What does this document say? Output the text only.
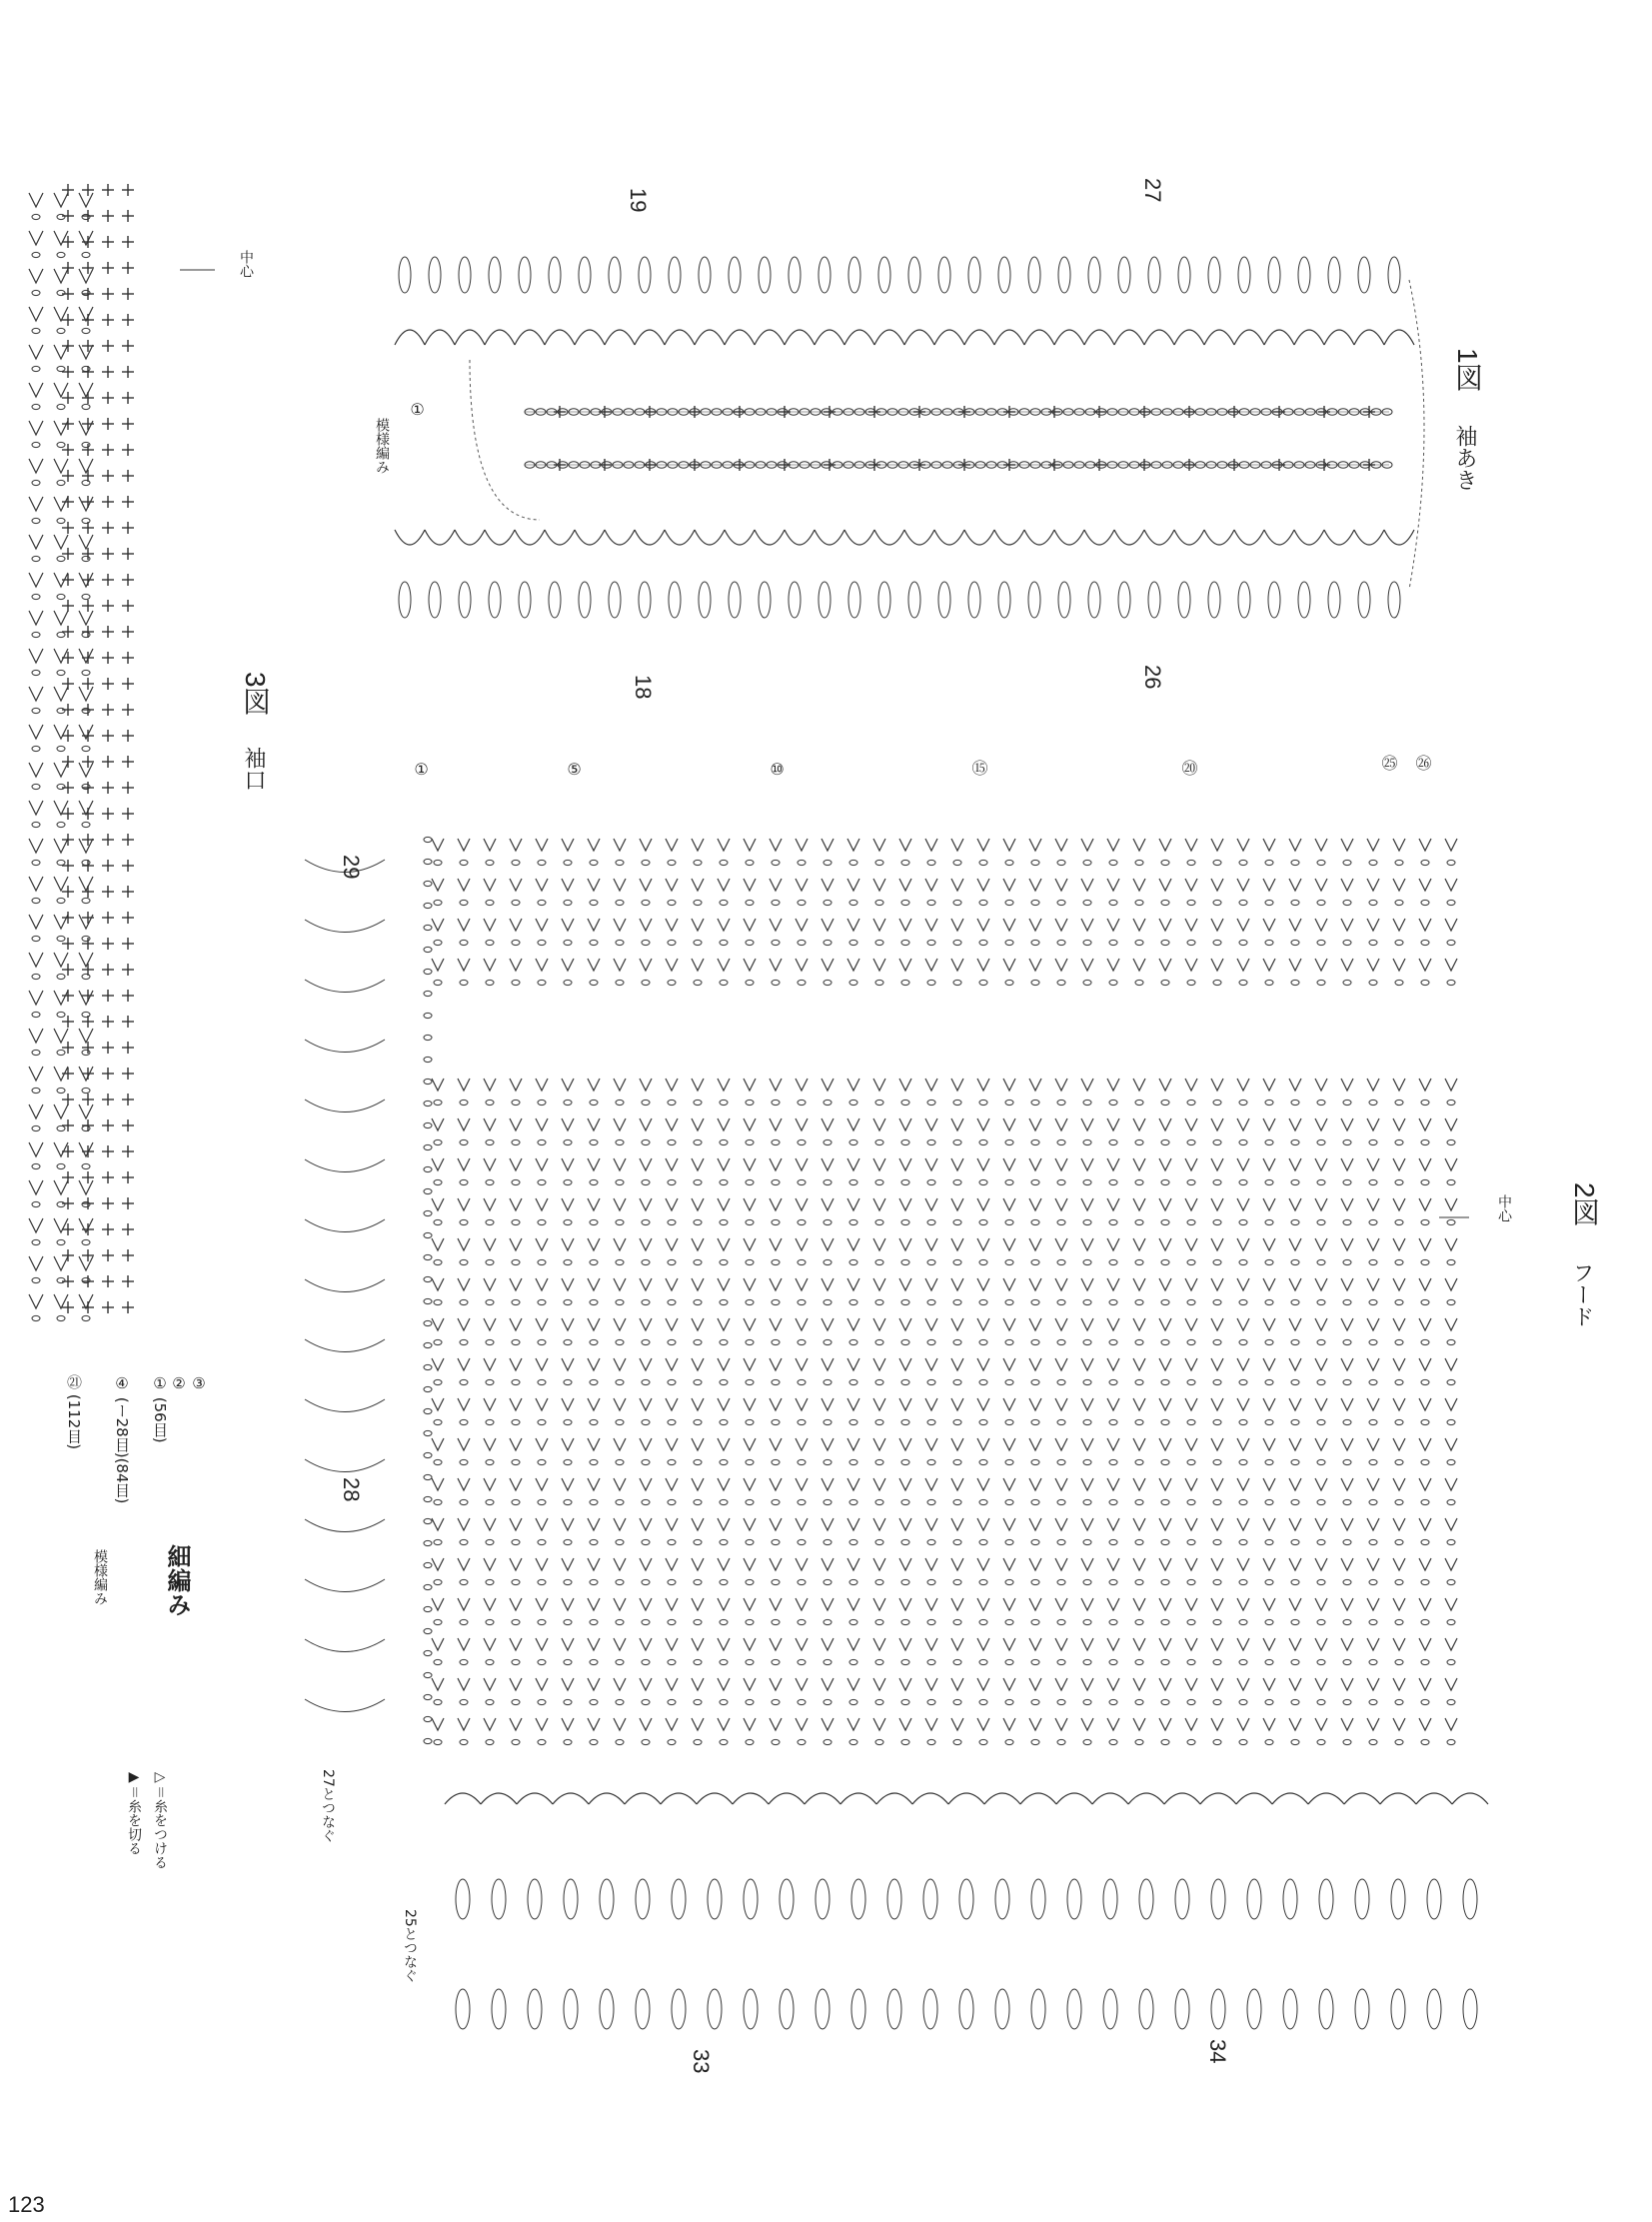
1図
袖あき
19	27
18	26
模様編み
①
2図
フード
中心
①	⑤	⑩	⑮	⑳	㉕ ㉖
29
28
33	34
27とつなぐ
25とつなぐ
3図
袖口
中心
③
②
① (56目)
④ (ー28目)(84目)
㉑ (112目)
細編み
模様編み
▷＝糸をつける
▶＝糸を切る
123
